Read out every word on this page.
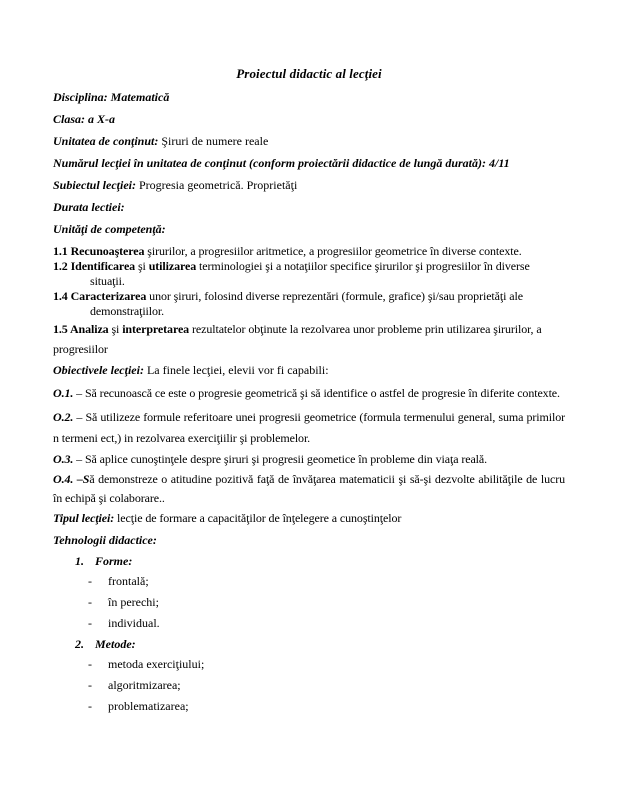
Proiectul didactic al lecţiei

Disciplina: Matematică

Clasa: a X-a

Unitatea de conţinut: Şiruri de numere reale

Numărul lecţiei în unitatea de conţinut (conform proiectării didactice de lungă durată): 4/11

Subiectul lecţiei: Progresia geometrică. Proprietăţi

Durata lectiei:

Unităţi de competenţă:

1.1 Recunoaşterea şirurilor, a progresiilor aritmetice, a progresiilor geometrice în diverse contexte.

1.2 Identificarea şi utilizarea terminologiei şi a notaţiilor specifice şirurilor şi progresiilor în diverse situaţii.

1.4 Caracterizarea unor şiruri, folosind diverse reprezentări (formule, grafice) şi/sau proprietăţi ale demonstraţiilor.

1.5 Analiza şi interpretarea rezultatelor obţinute la rezolvarea unor probleme prin utilizarea şirurilor, a progresiilor

Obiectivele lecţiei: La finele lecţiei, elevii vor fi capabili:

O.1. – Să recunoască ce este o progresie geometrică şi să identifice o astfel de progresie în diferite contexte.

O.2. – Să utilizeze formule referitoare unei progresii geometrice (formula termenului general, suma primilor n termeni ect,) in rezolvarea exerciţiilir şi problemelor.

O.3. – Să aplice cunoştinţele despre şiruri şi progresii geometice în probleme din viaţa reală.

O.4. –Să demonstreze o atitudine pozitivă faţă de învăţarea matematicii şi să-şi dezvolte abilităţile de lucru în echipă şi colaborare..

Tipul lecţiei: lecţie de formare a capacităţilor de înţelegere a cunoştinţelor

Tehnologii didactice:

1. Forme:
-	frontală;
-	în perechi;
-	individual.
2. Metode:
-	metoda exerciţiului;
-	algoritmizarea;
-	problematizarea;
